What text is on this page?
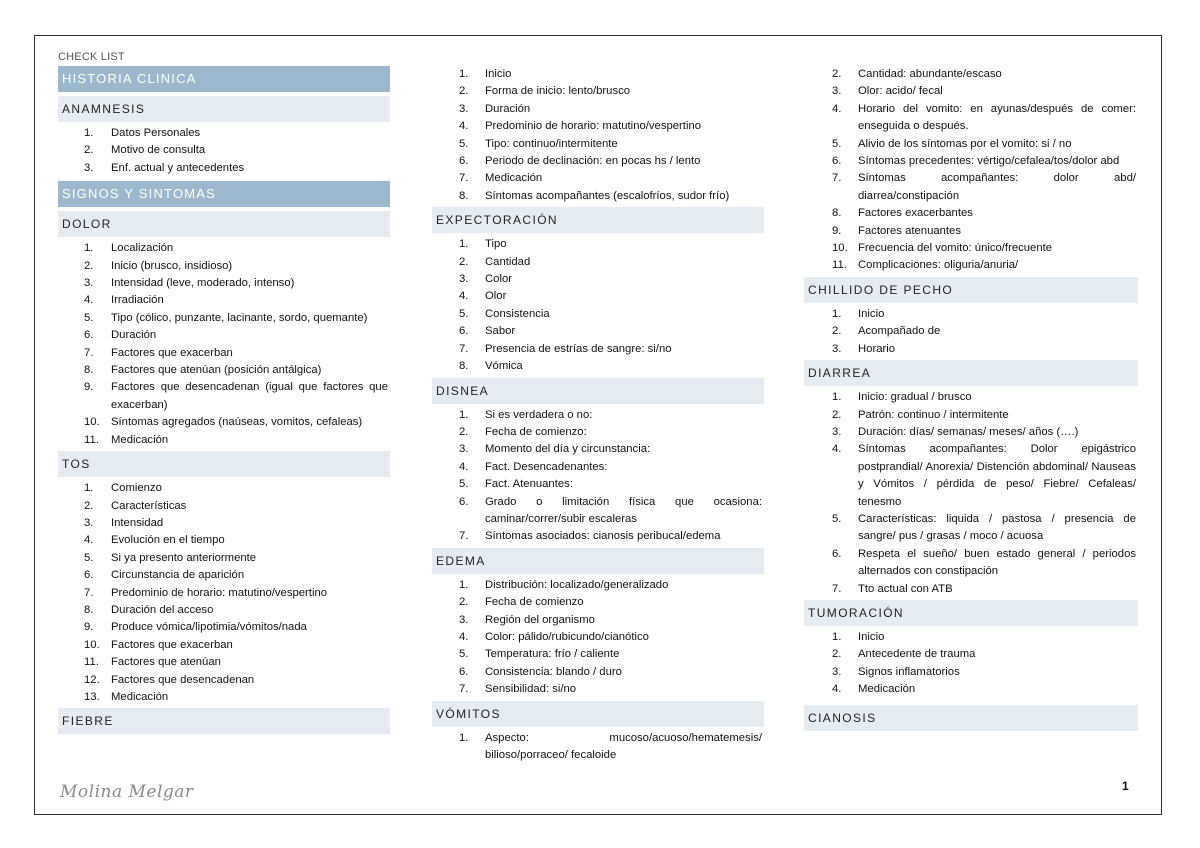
CHECK LIST
HISTORIA CLINICA
ANAMNESIS
1.	Datos Personales
2.	Motivo de consulta
3.	Enf. actual y antecedentes
SIGNOS Y SINTOMAS
DOLOR
1.	Localización
2.	Inicio (brusco, insidioso)
3.	Intensidad (leve, moderado, intenso)
4.	Irradiación
5.	Tipo (cólico, punzante, lacinante, sordo, quemante)
6.	Duración
7.	Factores que exacerban
8.	Factores que atenúan (posición antálgica)
9.	Factores que desencadenan (igual que factores que exacerban)
10. Síntomas agregados (naúseas, vomitos, cefaleas)
11.	Medicación
TOS
1.	Comienzo
2.	Características
3.	Intensidad
4.	Evolución en el tiempo
5.	Si ya presento anteriormente
6.	Circunstancia de aparición
7.	Predominio de horario: matutino/vespertino
8.	Duración del acceso
9.	Produce vómica/lipotimia/vómitos/nada
10. Factores que exacerban
11.	Factores que atenúan
12. Factores que desencadenan
13. Medicación
FIEBRE
1.	Inicio
2.	Forma de inicio: lento/brusco
3.	Duración
4.	Predominio de horario: matutino/vespertino
5.	Tipo: continuo/intermitente
6.	Periodo de declinación: en pocas hs / lento
7.	Medicación
8.	Síntomas acompañantes (escalofríos, sudor frío)
EXPECTORACIÓN
1.	Tipo
2.	Cantidad
3.	Color
4.	Olor
5.	Consistencia
6.	Sabor
7.	Presencia de estrías de sangre: si/no
8.	Vómica
DISNEA
1.	Si es verdadera o no:
2.	Fecha de comienzo:
3.	Momento del día y circunstancia:
4.	Fact. Desencadenantes:
5.	Fact. Atenuantes:
6.	Grado o limitación física que ocasiona: caminar/correr/subir escaleras
7.	Síntomas asociados: cianosis peribucal/edema
EDEMA
1.	Distribución: localizado/generalizado
2.	Fecha de comienzo
3.	Región del organismo
4.	Color: pálido/rubicundo/cianótico
5.	Temperatura: frío / caliente
6.	Consistencia: blando / duro
7.	Sensibilidad: si/no
VÓMITOS
1.	Aspecto: mucoso/acuoso/hematemesis/ bilioso/porraceo/ fecaloide
2.	Cantidad: abundante/escaso
3.	Olor: acido/ fecal
4.	Horario del vomito: en ayunas/después de comer: enseguida o después.
5.	Alivio de los síntomas por el vomito: si / no
6.	Síntomas precedentes: vértigo/cefalea/tos/dolor abd
7.	Síntomas acompañantes: dolor abd/ diarrea/constipación
8.	Factores exacerbantes
9.	Factores atenuantes
10. Frecuencia del vomito: único/frecuente
11. Complicaciones: oliguria/anuria/
CHILLIDO DE PECHO
1.	Inicio
2.	Acompañado de
3.	Horario
DIARREA
1.	Inicio: gradual / brusco
2.	Patrón: continuo / intermitente
3.	Duración: días/ semanas/ meses/ años (….)
4.	Síntomas acompañantes: Dolor epigástrico postprandial/ Anorexia/ Distención abdominal/ Nauseas y Vómitos / pérdida de peso/ Fiebre/ Cefaleas/ tenesmo
5.	Características: liquida / pastosa / presencia de sangre/ pus / grasas / moco / acuosa
6.	Respeta el sueño/ buen estado general / periodos alternados con constipación
7.	Tto actual con ATB
TUMORACIÓN
1.	Inicio
2.	Antecedente de trauma
3.	Signos inflamatorios
4.	Medicación
CIANOSIS
Molina Melgar	1
